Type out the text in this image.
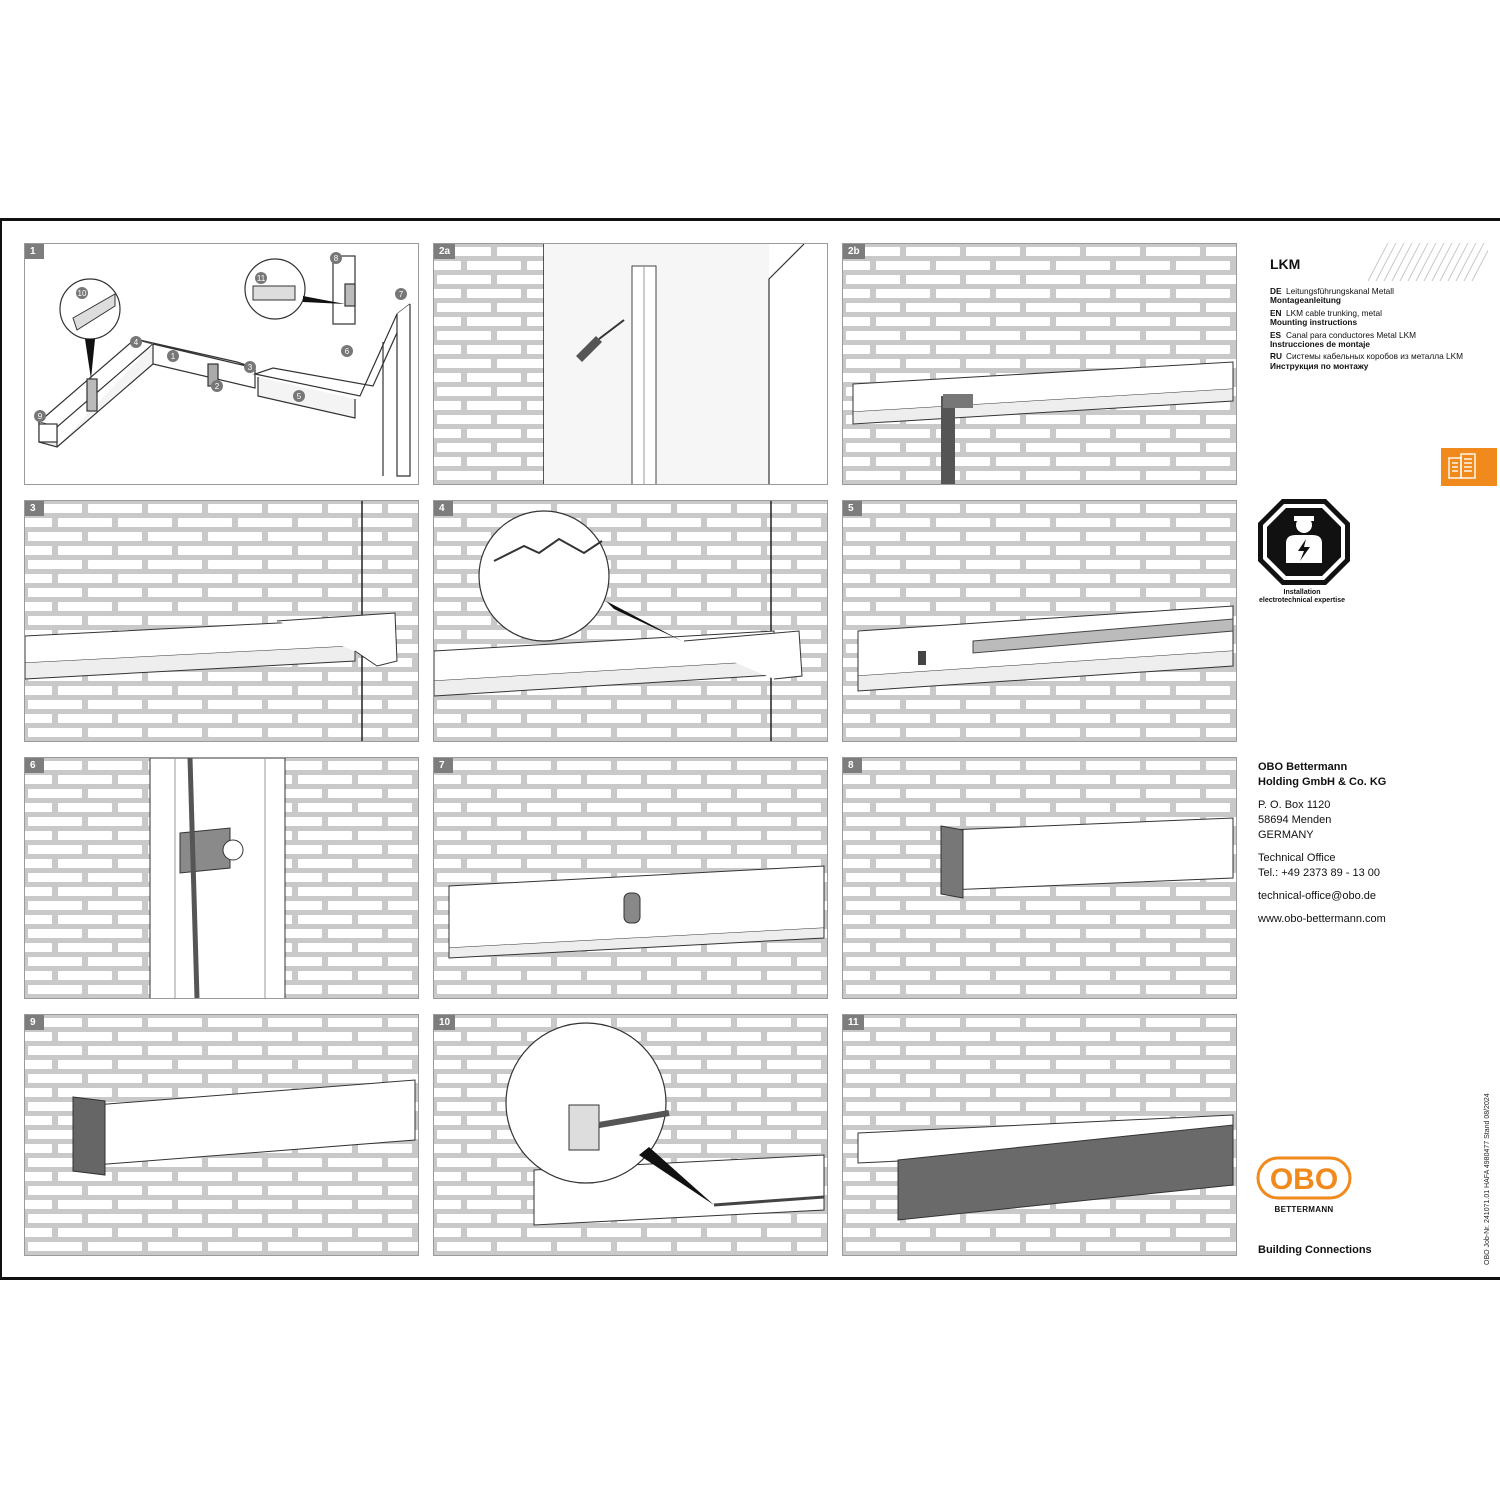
1
1
2
3
4
5
6
7
8
9
10
11
2a	2b
3	4	5
6	7	8
9	10	11
LKM
DE Leitungsführungskanal Metall
Montageanleitung
EN LKM cable trunking, metal
Mounting instructions
ES Canal para conductores Metal LKM
Instrucciones de montaje
RU Системы кабельных коробов из металла LKM
Инструкция по монтажу
Installation
electrotechnical expertise
OBO Bettermann
Holding GmbH & Co. KG
P. O. Box 1120
58694 Menden
GERMANY
Technical Office
Tel.: +49 2373 89 - 13 00
technical-office@obo.de
www.obo-bettermann.com
OBO
BETTERMANN
Building Connections	OBO Job-Nr. 241071.01 HAFA 4980477 Stand 08/2024
